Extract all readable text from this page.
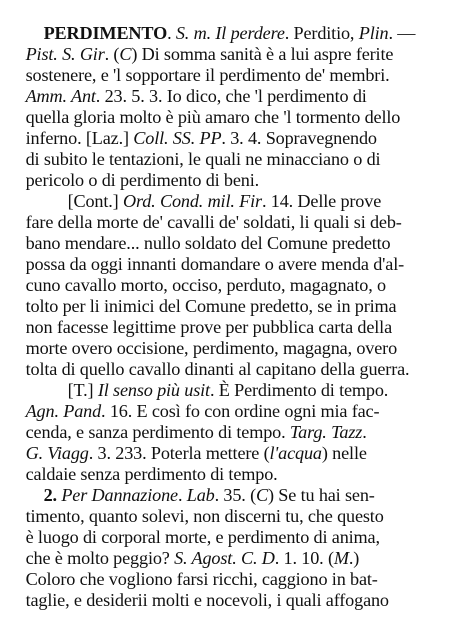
PERDIMENTO. S. m. Il perdere. Perditio, Plin. —

Pist. S. Gir. (C) Di somma sanità è a lui aspre ferite

sostenere, e 'l sopportare il perdimento de' membri.

Amm. Ant. 23. 5. 3. Io dico, che 'l perdimento di

quella gloria molto è più amaro che 'l tormento dello

inferno. [Laz.] Coll. SS. PP. 3. 4. Sopravegnendo

di subito le tentazioni, le quali ne minacciano o di

pericolo o di perdimento di beni.

[Cont.] Ord. Cond. mil. Fir. 14. Delle prove

fare della morte de' cavalli de' soldati, li quali si deb-

bano mendare... nullo soldato del Comune predetto

possa da oggi innanti domandare o avere menda d'al-

cuno cavallo morto, occiso, perduto, magagnato, o

tolto per li inimici del Comune predetto, se in prima

non facesse legittime prove per pubblica carta della

morte overo occisione, perdimento, magagna, overo

tolta di quello cavallo dinanti al capitano della guerra.

[T.] Il senso più usit. È Perdimento di tempo.

Agn. Pand. 16. E così fo con ordine ogni mia fac-

cenda, e sanza perdimento di tempo. Targ. Tazz.

G. Viagg. 3. 233. Poterla mettere (l'acqua) nelle

caldaie senza perdimento di tempo.

2. Per Dannazione. Lab. 35. (C) Se tu hai sen-

timento, quanto solevi, non discerni tu, che questo

è luogo di corporal morte, e perdimento di anima,

che è molto peggio? S. Agost. C. D. 1. 10. (M.)

Coloro che vogliono farsi ricchi, caggiono in bat-

taglie, e desiderii molti e nocevoli, i quali affogano
